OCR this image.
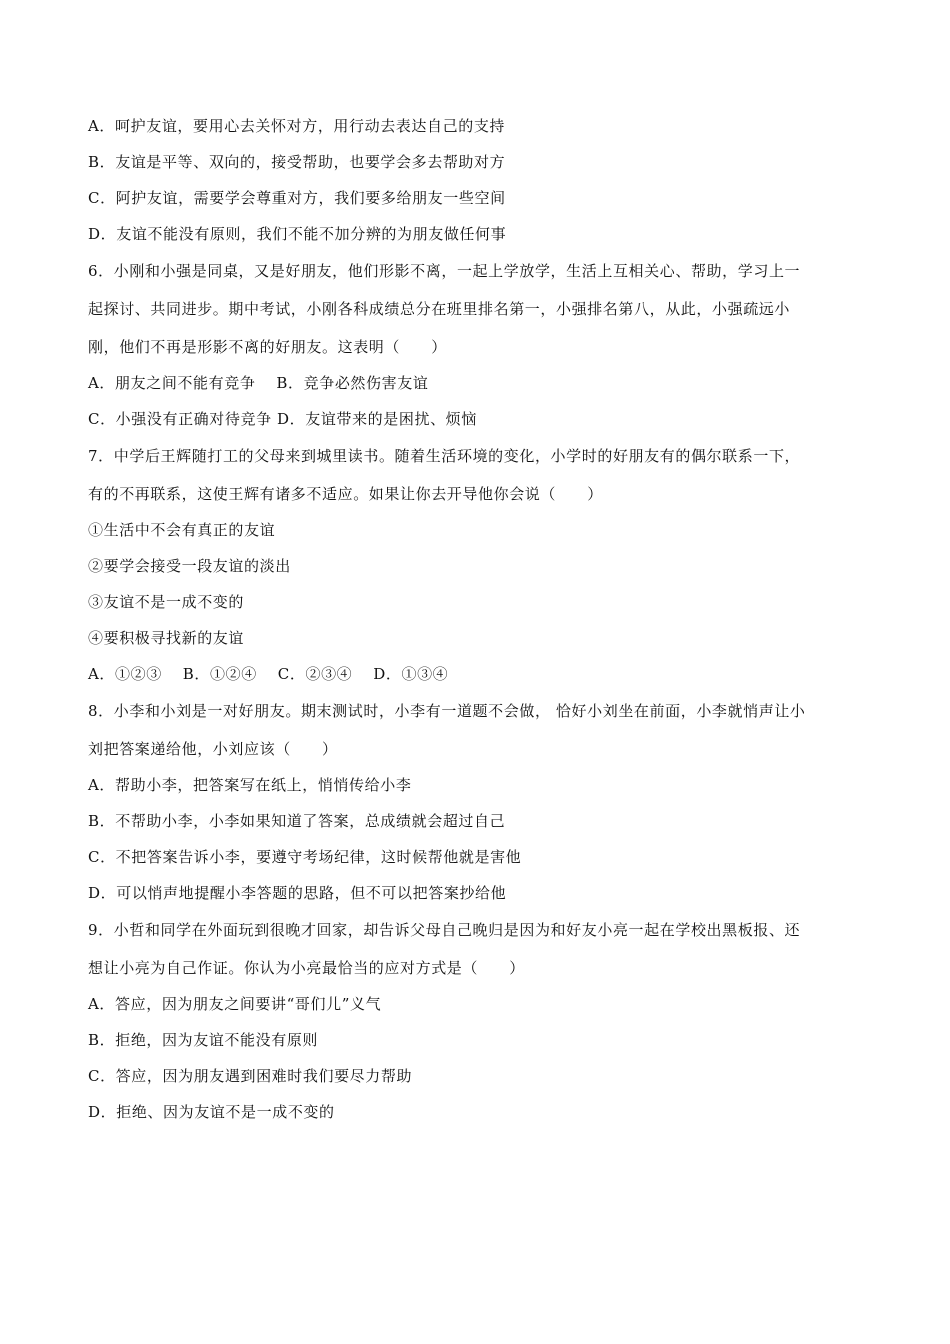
A．呵护友谊，要用心去关怀对方，用行动去表达自己的支持
B．友谊是平等、双向的，接受帮助，也要学会多去帮助对方
C．阿护友谊，需要学会尊重对方，我们要多给朋友一些空间
D．友谊不能没有原则，我们不能不加分辨的为朋友做任何事
6．小刚和小强是同桌，又是好朋友，他们形影不离，一起上学放学，生活上互相关心、帮助，学习上一
起探讨、共同进步。期中考试，小刚各科成绩总分在班里排名第一，小强排名第八，从此，小强疏远小
刚，他们不再是形影不离的好朋友。这表明（　　）
A．朋友之间不能有竞争　 B．竞争必然伤害友谊
C．小强没有正确对待竞争 D．友谊带来的是困扰、烦恼
7．中学后王辉随打工的父母来到城里读书。随着生活环境的变化，小学时的好朋友有的偶尔联系一下，
有的不再联系，这使王辉有诸多不适应。如果让你去开导他你会说（　　）
①生活中不会有真正的友谊
②要学会接受一段友谊的淡出
③友谊不是一成不变的
④要积极寻找新的友谊
A．①②③　 B．①②④　 C．②③④　 D．①③④
8．小李和小刘是一对好朋友。期末测试时，小李有一道题不会做， 恰好小刘坐在前面，小李就悄声让小
刘把答案递给他，小刘应该（　　）
A．帮助小李，把答案写在纸上，悄悄传给小李
B．不帮助小李，小李如果知道了答案，总成绩就会超过自己
C．不把答案告诉小李，要遵守考场纪律，这时候帮他就是害他
D．可以悄声地提醒小李答题的思路，但不可以把答案抄给他
9．小哲和同学在外面玩到很晚才回家，却告诉父母自己晚归是因为和好友小亮一起在学校出黑板报、还
想让小亮为自己作证。你认为小亮最恰当的应对方式是（　　）
A．答应，因为朋友之间要讲“哥们儿”义气
B．拒绝，因为友谊不能没有原则
C．答应，因为朋友遇到困难时我们要尽力帮助
D．拒绝、因为友谊不是一成不变的
